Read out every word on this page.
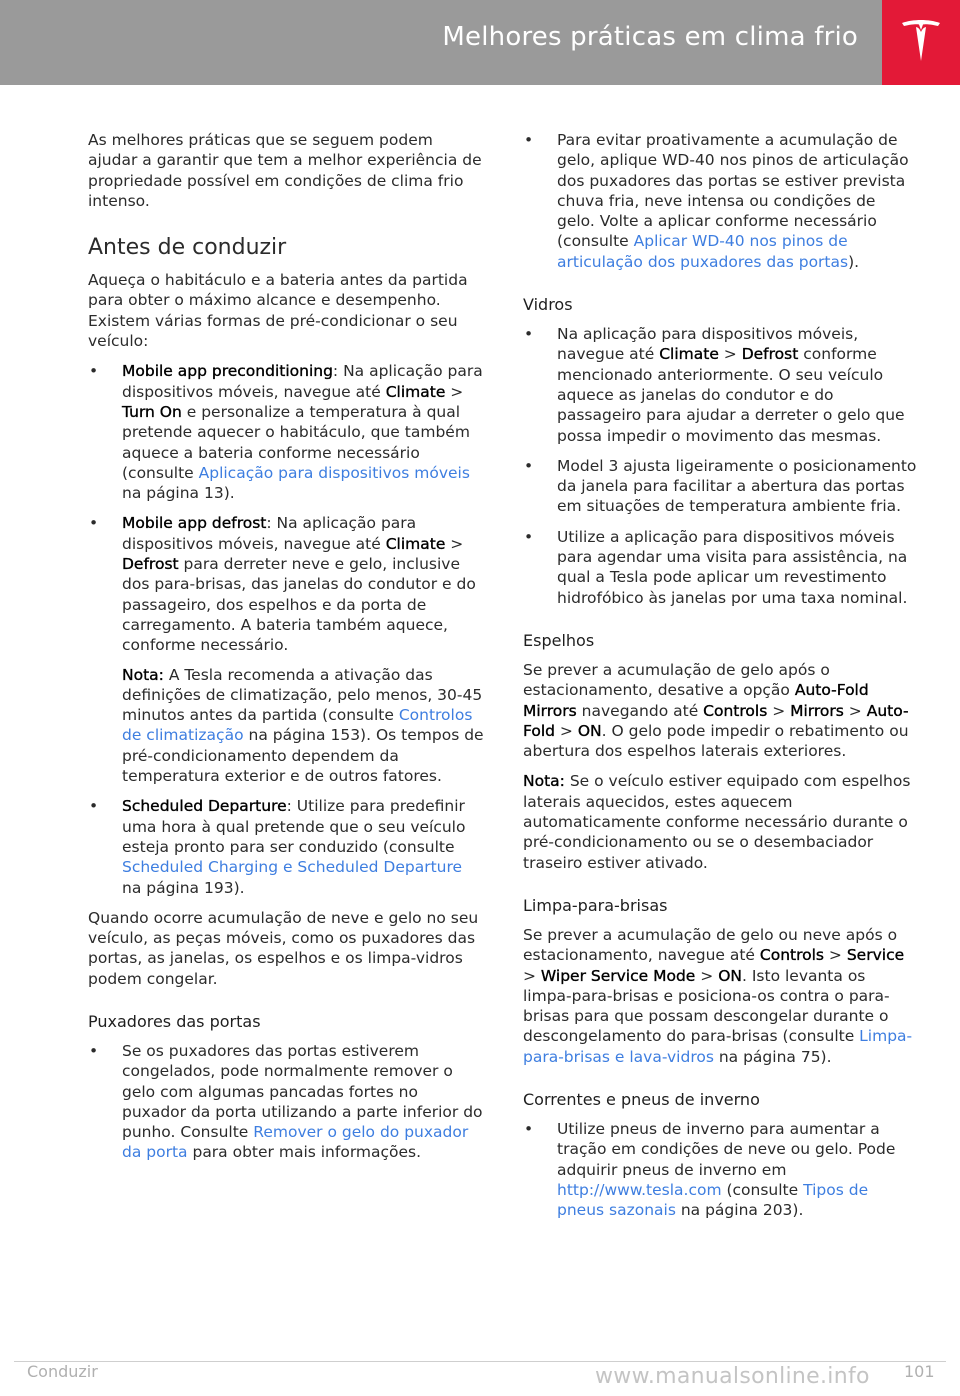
Melhores práticas em clima frio

As melhores práticas que se seguem podem ajudar a garantir que tem a melhor experiência de propriedade possível em condições de clima frio intenso.

Antes de conduzir

Aqueça o habitáculo e a bateria antes da partida para obter o máximo alcance e desempenho. Existem várias formas de pré-condicionar o seu veículo:

• Mobile app preconditioning: Na aplicação para dispositivos móveis, navegue até Climate > Turn On e personalize a temperatura à qual pretende aquecer o habitáculo, que também aquece a bateria conforme necessário (consulte Aplicação para dispositivos móveis na página 13).
• Mobile app defrost: Na aplicação para dispositivos móveis, navegue até Climate > Defrost para derreter neve e gelo, inclusive dos para-brisas, das janelas do condutor e do passageiro, dos espelhos e da porta de carregamento. A bateria também aquece, conforme necessário.

Nota: A Tesla recomenda a ativação das definições de climatização, pelo menos, 30-45 minutos antes da partida (consulte Controlos de climatização na página 153). Os tempos de pré-condicionamento dependem da temperatura exterior e de outros fatores.

• Scheduled Departure: Utilize para predefinir uma hora à qual pretende que o seu veículo esteja pronto para ser conduzido (consulte Scheduled Charging e Scheduled Departure na página 193).

Quando ocorre acumulação de neve e gelo no seu veículo, as peças móveis, como os puxadores das portas, as janelas, os espelhos e os limpa-vidros podem congelar.

Puxadores das portas
• Se os puxadores das portas estiverem congelados, pode normalmente remover o gelo com algumas pancadas fortes no puxador da porta utilizando a parte inferior do punho. Consulte Remover o gelo do puxador da porta para obter mais informações.
• Para evitar proativamente a acumulação de gelo, aplique WD-40 nos pinos de articulação dos puxadores das portas se estiver prevista chuva fria, neve intensa ou condições de gelo. Volte a aplicar conforme necessário (consulte Aplicar WD-40 nos pinos de articulação dos puxadores das portas).
Vidros
• Na aplicação para dispositivos móveis, navegue até Climate > Defrost conforme mencionado anteriormente. O seu veículo aquece as janelas do condutor e do passageiro para ajudar a derreter o gelo que possa impedir o movimento das mesmas.
• Model 3 ajusta ligeiramente o posicionamento da janela para facilitar a abertura das portas em situações de temperatura ambiente fria.
• Utilize a aplicação para dispositivos móveis para agendar uma visita para assistência, na qual a Tesla pode aplicar um revestimento hidrofóbico às janelas por uma taxa nominal.
Espelhos

Se prever a acumulação de gelo após o estacionamento, desative a opção Auto-Fold Mirrors navegando até Controls > Mirrors > Auto-Fold > ON. O gelo pode impedir o rebatimento ou abertura dos espelhos laterais exteriores.

Nota: Se o veículo estiver equipado com espelhos laterais aquecidos, estes aquecem automaticamente conforme necessário durante o pré-condicionamento ou se o desembaciador traseiro estiver ativado.

Limpa-para-brisas

Se prever a acumulação de gelo ou neve após o estacionamento, navegue até Controls > Service > Wiper Service Mode > ON. Isto levanta os limpa-para-brisas e posiciona-os contra o para-brisas para que possam descongelar durante o descongelamento do para-brisas (consulte Limpa-para-brisas e lava-vidros na página 75).

Correntes e pneus de inverno
• Utilize pneus de inverno para aumentar a tração em condições de neve ou gelo. Pode adquirir pneus de inverno em http://www.tesla.com (consulte Tipos de pneus sazonais na página 203).
Conduzir	101
www.manualsonline.info
